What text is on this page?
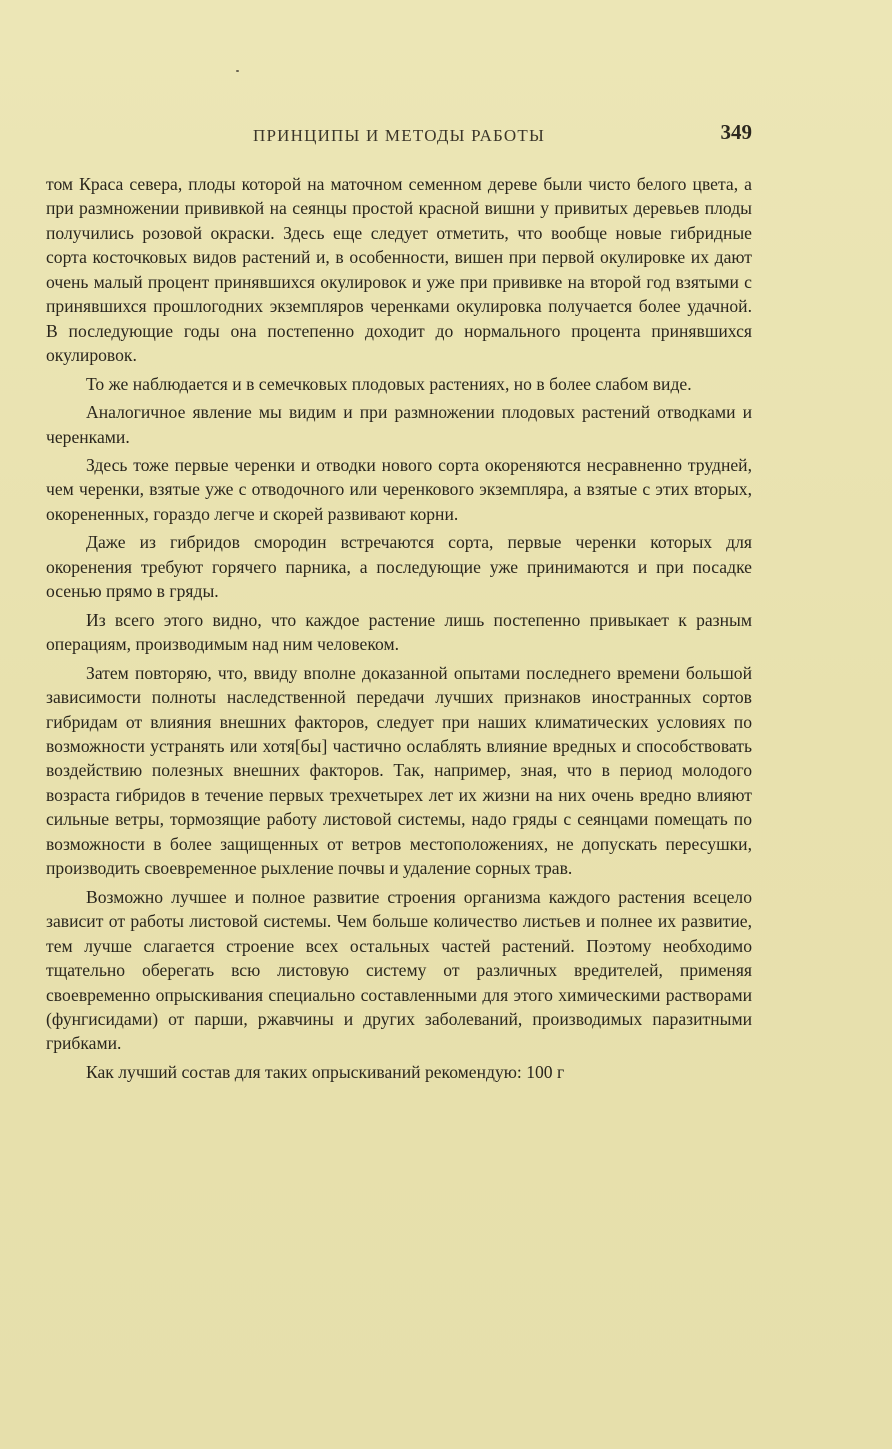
ПРИНЦИПЫ И МЕТОДЫ РАБОТЫ	349

том Краса севера, плоды которой на маточном семенном дереве были чисто белого цвета, а при размножении прививкой на сеянцы простой красной вишни у привитых деревьев плоды получились розовой окраски. Здесь еще следует отметить, что вообще новые гибридные сорта косточковых видов растений и, в особенности, вишен при первой окулировке их дают очень малый процент принявшихся окулировок и уже при прививке на второй год взятыми с принявшихся прошлогодних экземпляров черенками окулировка получается более удачной. В последующие годы она постепенно доходит до нормального процента принявшихся окулировок.

То же наблюдается и в семечковых плодовых растениях, но в более слабом виде.

Аналогичное явление мы видим и при размножении плодовых растений отводками и черенками.

Здесь тоже первые черенки и отводки нового сорта окореняются несравненно трудней, чем черенки, взятые уже с отводочного или черенкового экземпляра, а взятые с этих вторых, окорененных, гораздо легче и скорей развивают корни.

Даже из гибридов смородин встречаются сорта, первые черенки которых для окоренения требуют горячего парника, а последующие уже принимаются и при посадке осенью прямо в гряды.

Из всего этого видно, что каждое растение лишь постепенно привыкает к разным операциям, производимым над ним человеком.

Затем повторяю, что, ввиду вполне доказанной опытами последнего времени большой зависимости полноты наследственной передачи лучших признаков иностранных сортов гибридам от влияния внешних факторов, следует при наших климатических условиях по возможности устранять или хотя[бы] частично ослаблять влияние вредных и способствовать воздействию полезных внешних факторов. Так, например, зная, что в период молодого возраста гибридов в течение первых трехчетырех лет их жизни на них очень вредно влияют сильные ветры, тормозящие работу листовой системы, надо гряды с сеянцами помещать по возможности в более защищенных от ветров местоположениях, не допускать пересушки, производить своевременное рыхление почвы и удаление сорных трав.

Возможно лучшее и полное развитие строения организма каждого растения всецело зависит от работы листовой системы. Чем больше количество листьев и полнее их развитие, тем лучше слагается строение всех остальных частей растений. Поэтому необходимо тщательно оберегать всю листовую систему от различных вредителей, применяя своевременно опрыскивания специально составленными для этого химическими растворами (фунгисидами) от парши, ржавчины и других заболеваний, производимых паразитными грибками.

Как лучший состав для таких опрыскиваний рекомендую: 100 г
